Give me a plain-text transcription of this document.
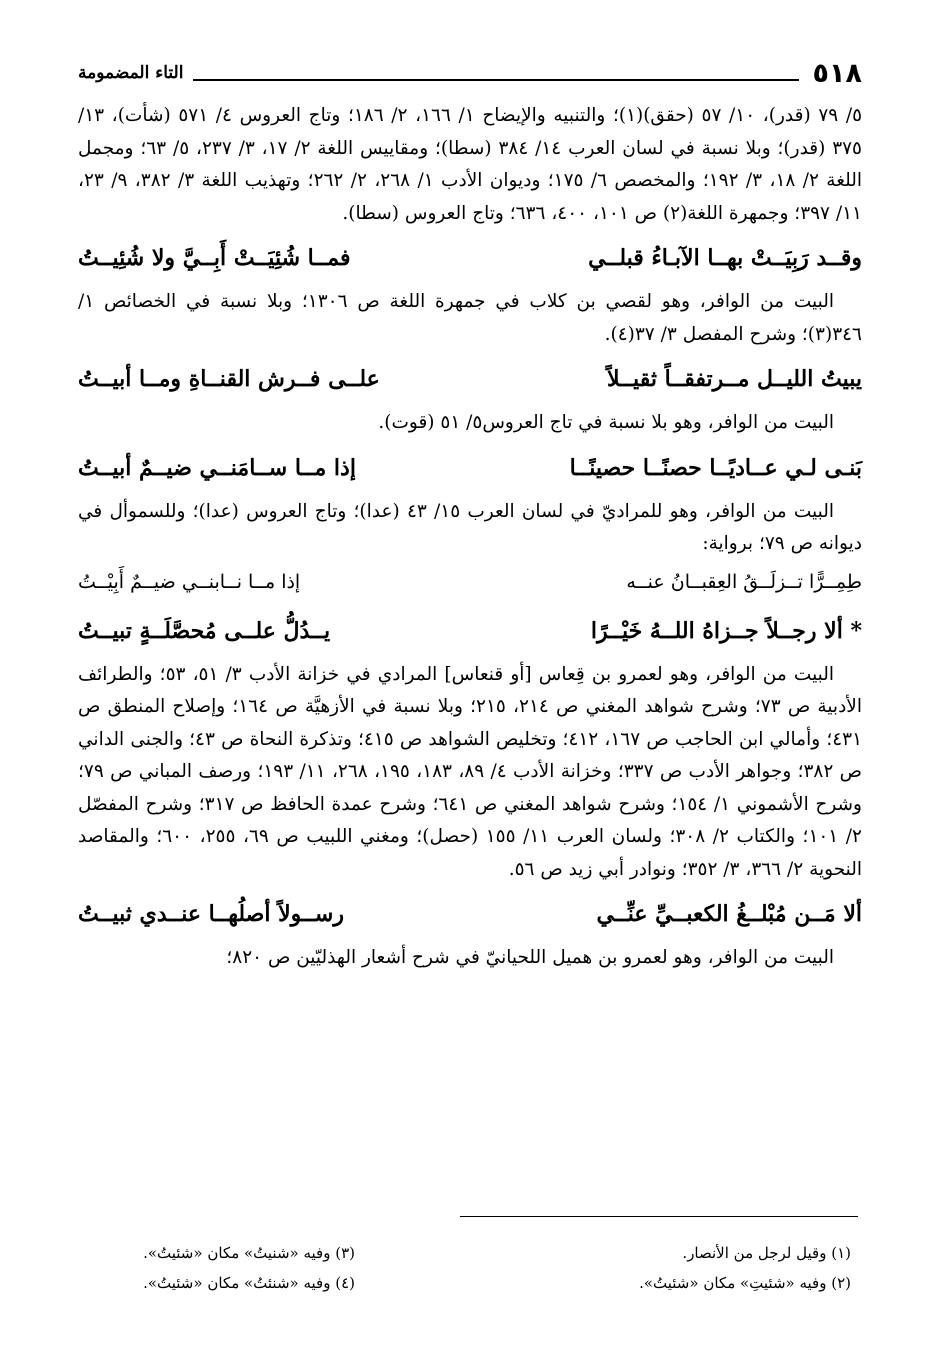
٥١٨
التاء المضمومة

٥/ ٧٩ (قدر)، ١٠/ ٥٧ (حقق)(١)؛ والتنبيه والإيضاح ١/ ١٦٦، ٢/ ١٨٦؛ وتاج العروس ٤/ ٥٧١ (شأت)، ١٣/ ٣٧٥ (قدر)؛ وبلا نسبة في لسان العرب ١٤/ ٣٨٤ (سطا)؛ ومقاييس اللغة ٢/ ١٧، ٣/ ٢٣٧، ٥/ ٦٣؛ ومجمل اللغة ٢/ ١٨، ٣/ ١٩٢؛ والمخصص ٦/ ١٧٥؛ وديوان الأدب ١/ ٢٦٨، ٢/ ٢٦٢؛ وتهذيب اللغة ٣/ ٣٨٢، ٩/ ٢٣، ١١/ ٣٩٧؛ وجمهرة اللغة(٢) ص ١٠١، ٤٠٠، ٦٣٦؛ وتاج العروس (سطا).

وقــد رَبِيَــتْ بهــا الآبـاءُ قبلــي
فمــا شُئِيَــتْ أَبِــيَّ ولا شُئِيــتُ

البيت من الوافر، وهو لقصي بن كلاب في جمهرة اللغة ص ١٣٠٦؛ وبلا نسبة في الخصائص ١/ ٣٤٦(٣)؛ وشرح المفصل ٣/ ٣٧(٤).

يبيتُ الليــل مــرتفقــاً ثقيــلاً
علــى فــرش القنــاةِ ومــا أبيــتُ

البيت من الوافر، وهو بلا نسبة في تاج العروس٥/ ٥١ (قوت).

بَنـى لـي عــاديًــا حصنًــا حصينًــا
إذا مــا ســامَنــي ضيــمٌ أبيــتُ

البيت من الوافر، وهو للمراديّ في لسان العرب ١٥/ ٤٣ (عدا)؛ وتاج العروس (عدا)؛ وللسموأل في ديوانه ص ٧٩؛ برواية:

طِمِــرًّا تــزلَــقُ العِقبــانُ عنــه
إذا مــا نــابنــي ضيــمٌ أَبِيْــتُ
* ألا رجــلاً جــزاهُ اللــهُ خَيْــرًا
يــدُلُّ علــى مُحصَّلَــةٍ تبيــتُ

البيت من الوافر، وهو لعمرو بن قِعاس [أو قنعاس] المرادي في خزانة الأدب ٣/ ٥١، ٥٣؛ والطرائف الأدبية ص ٧٣؛ وشرح شواهد المغني ص ٢١٤، ٢١٥؛ وبلا نسبة في الأزهيَّة ص ١٦٤؛ وإصلاح المنطق ص ٤٣١؛ وأمالي ابن الحاجب ص ١٦٧، ٤١٢؛ وتخليص الشواهد ص ٤١٥؛ وتذكرة النحاة ص ٤٣؛ والجنى الداني ص ٣٨٢؛ وجواهر الأدب ص ٣٣٧؛ وخزانة الأدب ٤/ ٨٩، ١٨٣، ١٩٥، ٢٦٨، ١١/ ١٩٣؛ ورصف المباني ص ٧٩؛ وشرح الأشموني ١/ ١٥٤؛ وشرح شواهد المغني ص ٦٤١؛ وشرح عمدة الحافظ ص ٣١٧؛ وشرح المفصّل ٢/ ١٠١؛ والكتاب ٢/ ٣٠٨؛ ولسان العرب ١١/ ١٥٥ (حصل)؛ ومغني اللبيب ص ٦٩، ٢٥٥، ٦٠٠؛ والمقاصد النحوية ٢/ ٣٦٦، ٣/ ٣٥٢؛ ونوادر أبي زيد ص ٥٦.

ألا مَــن مُبْلــغُ الكعبــيِّ عنِّــي
رســولاً أصلُهــا عنــدي ثبيــتُ

البيت من الوافر، وهو لعمرو بن هميل اللحيانيّ في شرح أشعار الهذليّين ص ٨٢٠؛

(١) وقيل لرجل من الأنصار.
(٣) وفيه «شنيتُ» مكان «شئيتُ».
(٢) وفيه «شئيتِ» مكان «شئيتُ».
(٤) وفيه «شنئتُ» مكان «شئيتُ».
